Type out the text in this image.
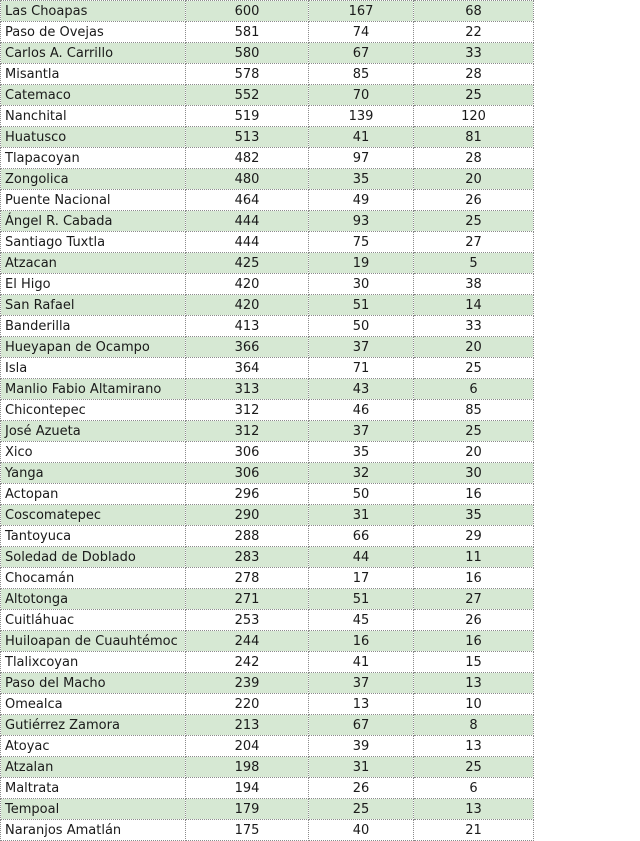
Las Choapas	600	167	68
Paso de Ovejas	581	74	22
Carlos A. Carrillo	580	67	33
Misantla	578	85	28
Catemaco	552	70	25
Nanchital	519	139	120
Huatusco	513	41	81
Tlapacoyan	482	97	28
Zongolica	480	35	20
Puente Nacional	464	49	26
Ángel R. Cabada	444	93	25
Santiago Tuxtla	444	75	27
Atzacan	425	19	5
El Higo	420	30	38
San Rafael	420	51	14
Banderilla	413	50	33
Hueyapan de Ocampo	366	37	20
Isla	364	71	25
Manlio Fabio Altamirano	313	43	6
Chicontepec	312	46	85
José Azueta	312	37	25
Xico	306	35	20
Yanga	306	32	30
Actopan	296	50	16
Coscomatepec	290	31	35
Tantoyuca	288	66	29
Soledad de Doblado	283	44	11
Chocamán	278	17	16
Altotonga	271	51	27
Cuitláhuac	253	45	26
Huiloapan de Cuauhtémoc	244	16	16
Tlalixcoyan	242	41	15
Paso del Macho	239	37	13
Omealca	220	13	10
Gutiérrez Zamora	213	67	8
Atoyac	204	39	13
Atzalan	198	31	25
Maltrata	194	26	6
Tempoal	179	25	13
Naranjos Amatlán	175	40	21
